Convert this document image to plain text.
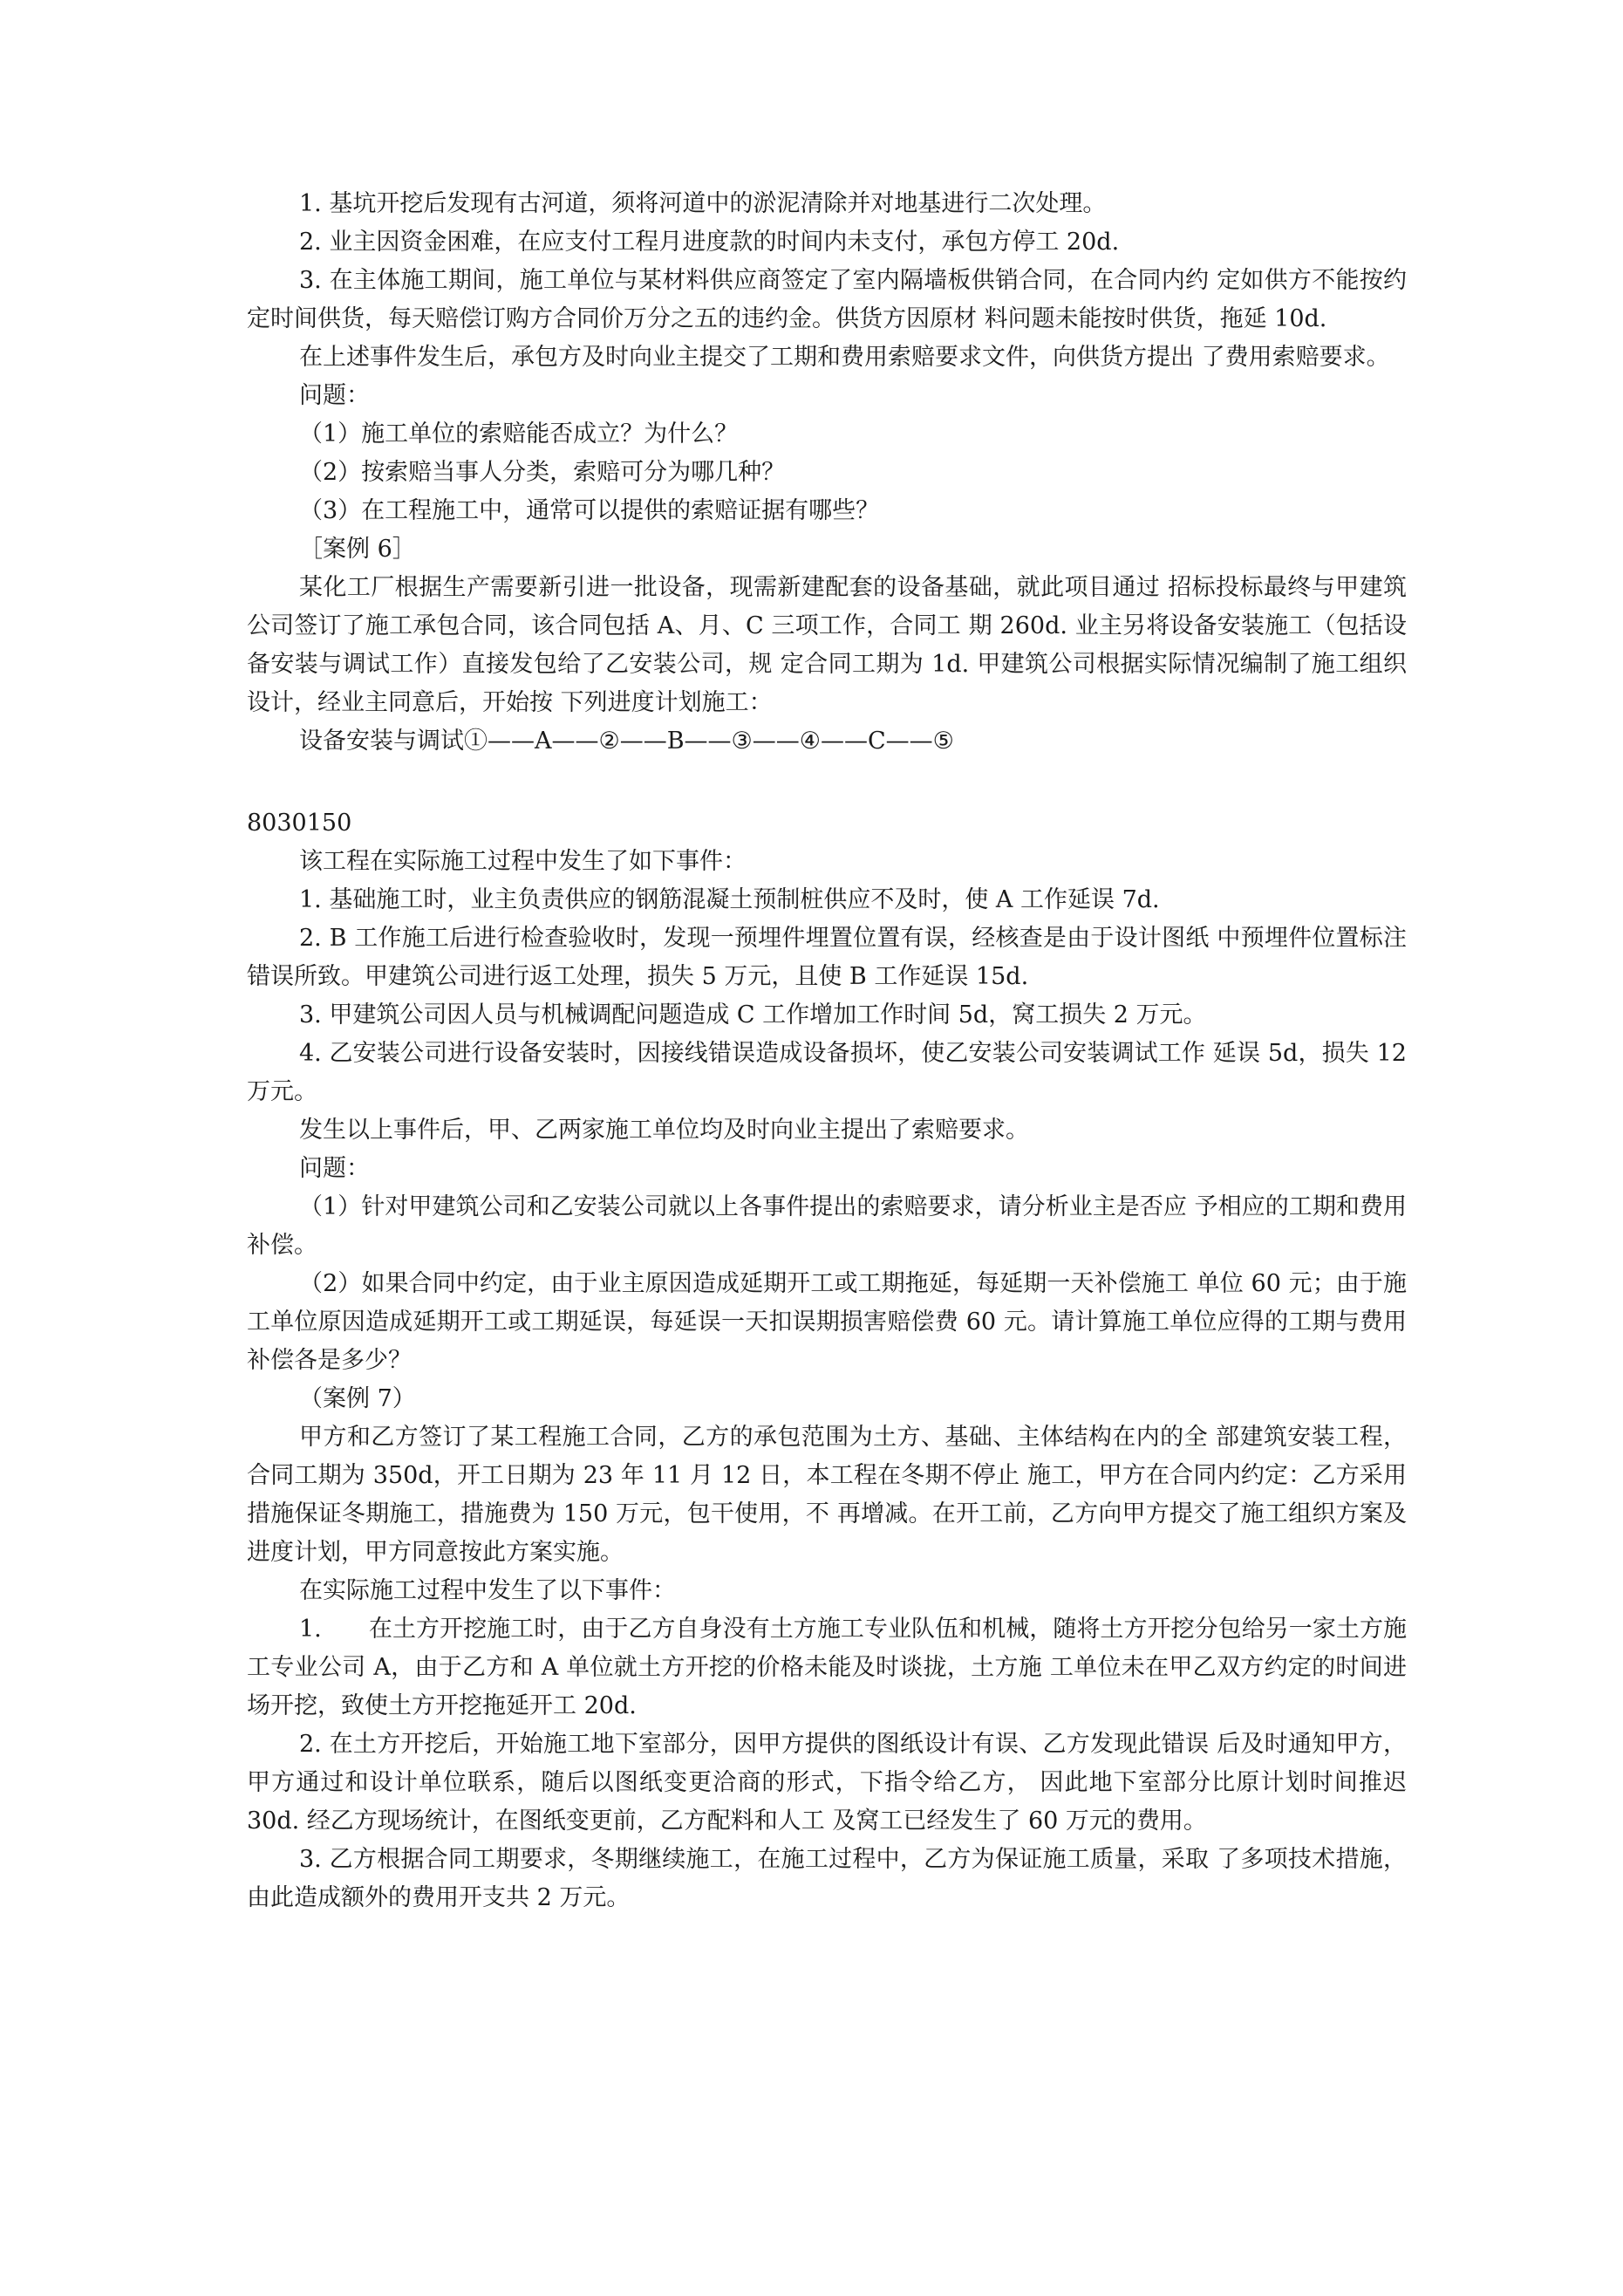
1. 基坑开挖后发现有古河道，须将河道中的淤泥清除并对地基进行二次处理。

2. 业主因资金困难，在应支付工程月进度款的时间内未支付，承包方停工 20d.

3. 在主体施工期间，施工单位与某材料供应商签定了室内隔墙板供销合同，在合同内约 定如供方不能按约定时间供货，每天赔偿订购方合同价万分之五的违约金。供货方因原材 料问题未能按时供货，拖延 10d.

在上述事件发生后，承包方及时向业主提交了工期和费用索赔要求文件，向供货方提出 了费用索赔要求。

问题：

（1）施工单位的索赔能否成立？为什么？

（2）按索赔当事人分类，索赔可分为哪几种？

（3）在工程施工中，通常可以提供的索赔证据有哪些？

［案例 6］

某化工厂根据生产需要新引进一批设备，现需新建配套的设备基础，就此项目通过 招标投标最终与甲建筑公司签订了施工承包合同，该合同包括 A、月、C 三项工作，合同工 期 260d. 业主另将设备安装施工（包括设备安装与调试工作）直接发包给了乙安装公司，规 定合同工期为 1d. 甲建筑公司根据实际情况编制了施工组织设计，经业主同意后，开始按 下列进度计划施工：

设备安装与调试①——A——②——B——③——④——C——⑤

8030150

该工程在实际施工过程中发生了如下事件：

1. 基础施工时，业主负责供应的钢筋混凝土预制桩供应不及时，使 A 工作延误 7d.

2. B 工作施工后进行检查验收时，发现一预埋件埋置位置有误，经核查是由于设计图纸 中预埋件位置标注错误所致。甲建筑公司进行返工处理，损失 5 万元，且使 B 工作延误 15d.

3. 甲建筑公司因人员与机械调配问题造成 C 工作增加工作时间 5d，窝工损失 2 万元。

4. 乙安装公司进行设备安装时，因接线错误造成设备损坏，使乙安装公司安装调试工作 延误 5d，损失 12 万元。

发生以上事件后，甲、乙两家施工单位均及时向业主提出了索赔要求。

问题：

（1）针对甲建筑公司和乙安装公司就以上各事件提出的索赔要求，请分析业主是否应 予相应的工期和费用补偿。

（2）如果合同中约定，由于业主原因造成延期开工或工期拖延，每延期一天补偿施工 单位 60 元；由于施工单位原因造成延期开工或工期延误，每延误一天扣误期损害赔偿费 60 元。请计算施工单位应得的工期与费用补偿各是多少？

（案例 7）

甲方和乙方签订了某工程施工合同，乙方的承包范围为土方、基础、主体结构在内的全 部建筑安装工程，合同工期为 350d，开工日期为 23 年 11 月 12 日，本工程在冬期不停止 施工，甲方在合同内约定：乙方采用措施保证冬期施工，措施费为 150 万元，包干使用，不 再增减。在开工前，乙方向甲方提交了施工组织方案及进度计划，甲方同意按此方案实施。

在实际施工过程中发生了以下事件：

1.　　在土方开挖施工时，由于乙方自身没有土方施工专业队伍和机械，随将土方开挖分包给另一家土方施工专业公司 A，由于乙方和 A 单位就土方开挖的价格未能及时谈拢，土方施 工单位未在甲乙双方约定的时间进场开挖，致使土方开挖拖延开工 20d.

2. 在土方开挖后，开始施工地下室部分，因甲方提供的图纸设计有误、乙方发现此错误 后及时通知甲方，甲方通过和设计单位联系，随后以图纸变更洽商的形式，下指令给乙方， 因此地下室部分比原计划时间推迟 30d. 经乙方现场统计，在图纸变更前，乙方配料和人工 及窝工已经发生了 60 万元的费用。

3. 乙方根据合同工期要求，冬期继续施工，在施工过程中，乙方为保证施工质量，采取 了多项技术措施，由此造成额外的费用开支共 2 万元。
